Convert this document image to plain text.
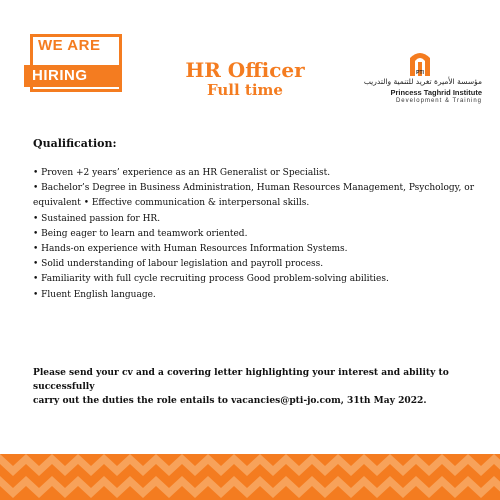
WE ARE
HIRING	HR Officer
Full time
PTI
مؤسسة الأميرة تغريد للتنمية والتدريب
Princess Taghrid Institute
Development & Training
Qualification:
• Proven +2 years’ experience as an HR Generalist or Specialist.
• Bachelor’s Degree in Business Administration, Human Resources Management, Psychology, or
equivalent • Effective communication & interpersonal skills.
• Sustained passion for HR.
• Being eager to learn and teamwork oriented.
• Hands-on experience with Human Resources Information Systems.
• Solid understanding of labour legislation and payroll process.
• Familiarity with full cycle recruiting process Good problem-solving abilities.
• Fluent English language.
Please send your cv and a covering letter highlighting your interest and ability to successfully
carry out the duties the role entails to vacancies@pti-jo.com, 31th May 2022.
